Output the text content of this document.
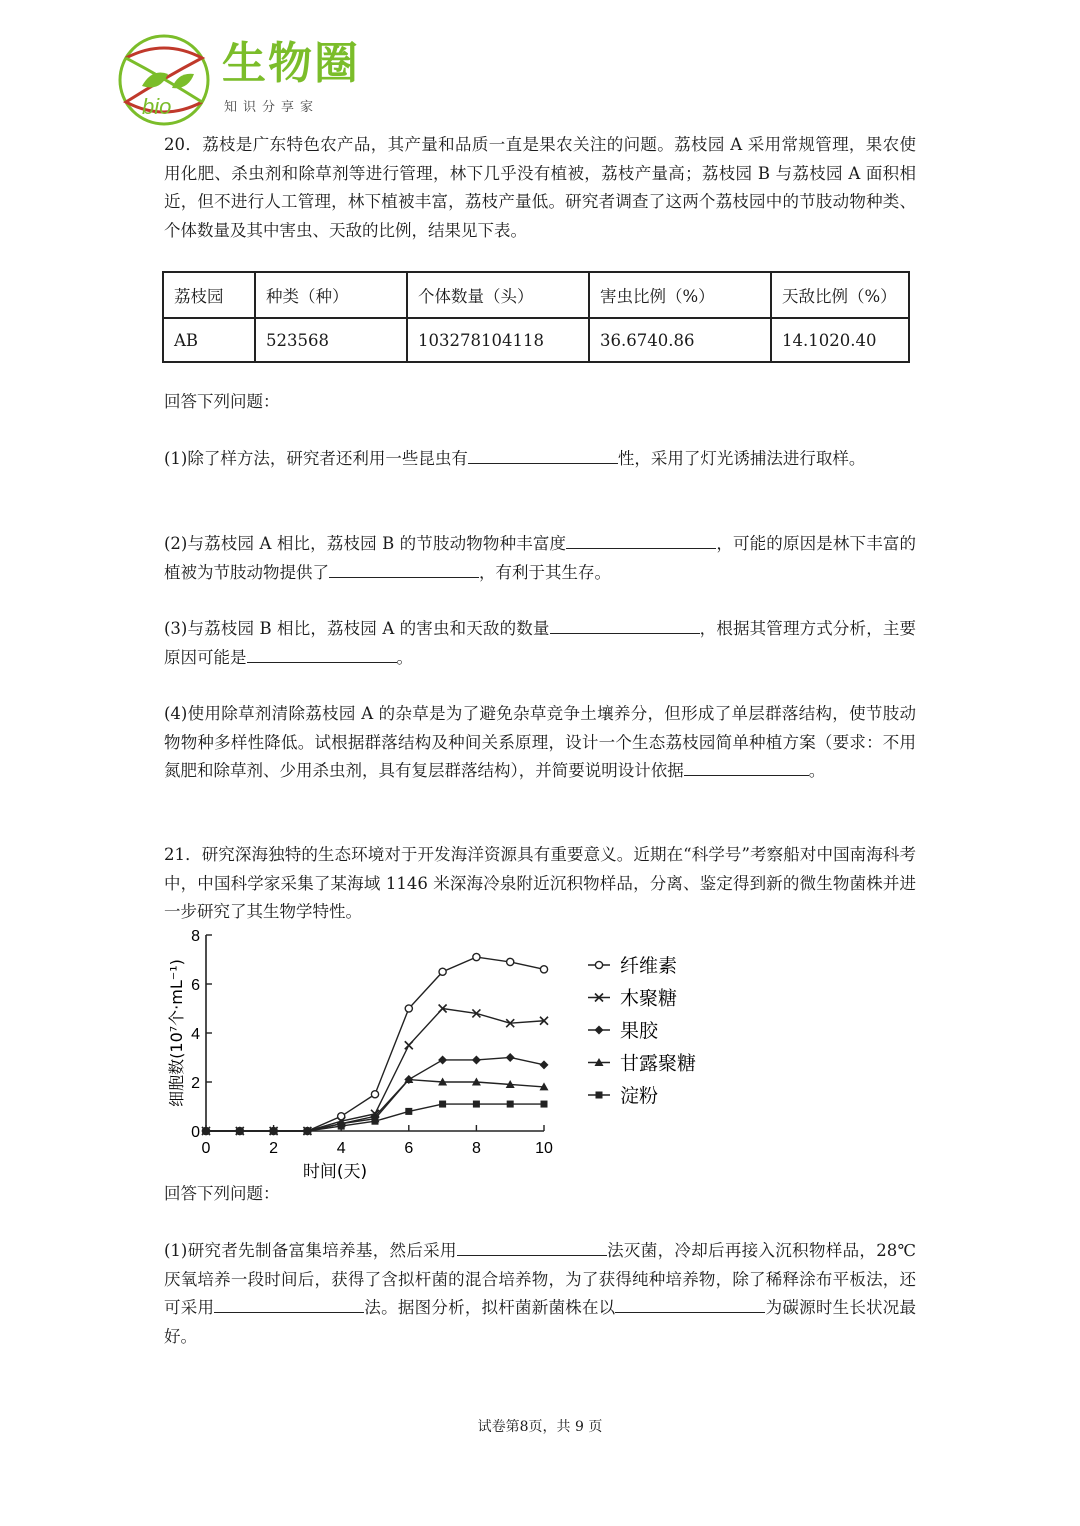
bio
生物圈
知识分享家

20．荔枝是广东特色农产品，其产量和品质一直是果农关注的问题。荔枝园 A 采用常规管理，果农使用化肥、杀虫剂和除草剂等进行管理，林下几乎没有植被，荔枝产量高；荔枝园 B 与荔枝园 A 面积相近，但不进行人工管理，林下植被丰富，荔枝产量低。研究者调查了这两个荔枝园中的节肢动物种类、个体数量及其中害虫、天敌的比例，结果见下表。

荔枝园	种类（种）	个体数量（头）	害虫比例（%）	天敌比例（%）
AB	523568	103278104118	36.6740.86	14.1020.40

回答下列问题：

(1)除了样方法，研究者还利用一些昆虫有	性，采用了灯光诱捕法进行取样。

(2)与荔枝园 A 相比，荔枝园 B 的节肢动物物种丰富度	，可能的原因是林下丰富的植被为节肢动物提供了	，有利于其生存。

(3)与荔枝园 B 相比，荔枝园 A 的害虫和天敌的数量	，根据其管理方式分析，主要原因可能是	。

(4)使用除草剂清除荔枝园 A 的杂草是为了避免杂草竞争土壤养分，但形成了单层群落结构，使节肢动物物种多样性降低。试根据群落结构及种间关系原理，设计一个生态荔枝园简单种植方案（要求：不用氮肥和除草剂、少用杀虫剂，具有复层群落结构），并简要说明设计依据	。

21．研究深海独特的生态环境对于开发海洋资源具有重要意义。近期在“科学号”考察船对中国南海科考中，中国科学家采集了某海域 1146 米深海冷泉附近沉积物样品，分离、鉴定得到新的微生物菌株并进一步研究了其生物学特性。

0
2
4
6
8
0	2	4	6	8	10
时间(天)
细胞数(10⁷个·mL⁻¹)	纤维素
木聚糖
果胶
甘露聚糖
淀粉

回答下列问题：

(1)研究者先制备富集培养基，然后采用	法灭菌，冷却后再接入沉积物样品，28℃厌氧培养一段时间后，获得了含拟杆菌的混合培养物，为了获得纯种培养物，除了稀释涂布平板法，还可采用	法。据图分析，拟杆菌新菌株在以	为碳源时生长状况最好。

试卷第8页，共 9 页
